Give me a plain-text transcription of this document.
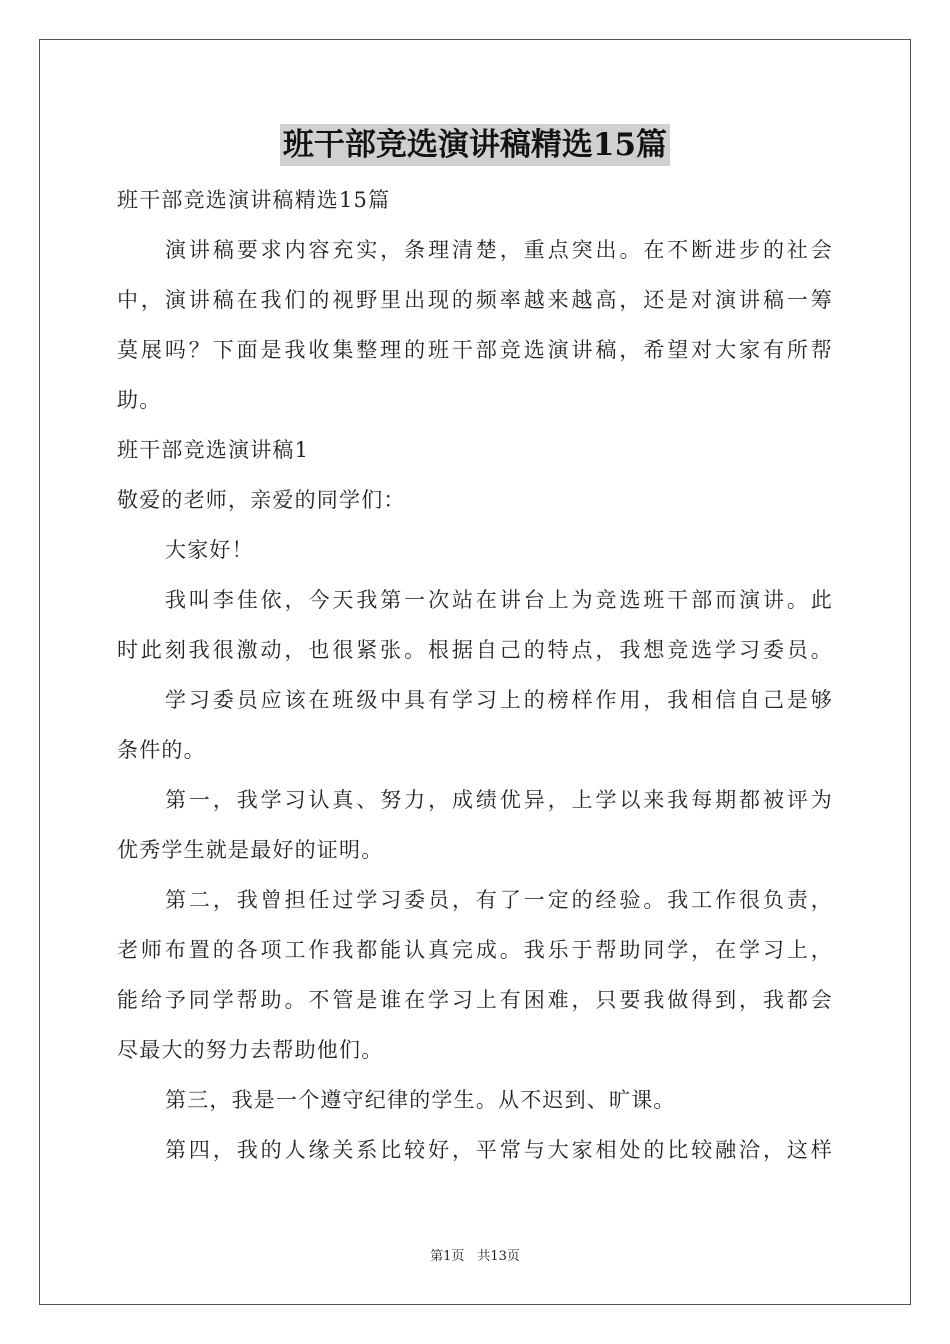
班干部竞选演讲稿精选15篇
班干部竞选演讲稿精选15篇
演讲稿要求内容充实，条理清楚，重点突出。在不断进步的社会
中，演讲稿在我们的视野里出现的频率越来越高，还是对演讲稿一筹
莫展吗？下面是我收集整理的班干部竞选演讲稿，希望对大家有所帮
助。
班干部竞选演讲稿1
敬爱的老师，亲爱的同学们：
大家好！
我叫李佳依，今天我第一次站在讲台上为竞选班干部而演讲。此
时此刻我很激动，也很紧张。根据自己的特点，我想竞选学习委员。
学习委员应该在班级中具有学习上的榜样作用，我相信自己是够
条件的。
第一，我学习认真、努力，成绩优异，上学以来我每期都被评为
优秀学生就是最好的证明。
第二，我曾担任过学习委员，有了一定的经验。我工作很负责，
老师布置的各项工作我都能认真完成。我乐于帮助同学，在学习上，
能给予同学帮助。不管是谁在学习上有困难，只要我做得到，我都会
尽最大的努力去帮助他们。
第三，我是一个遵守纪律的学生。从不迟到、旷课。
第四，我的人缘关系比较好，平常与大家相处的比较融洽，这样
第1页　共13页
